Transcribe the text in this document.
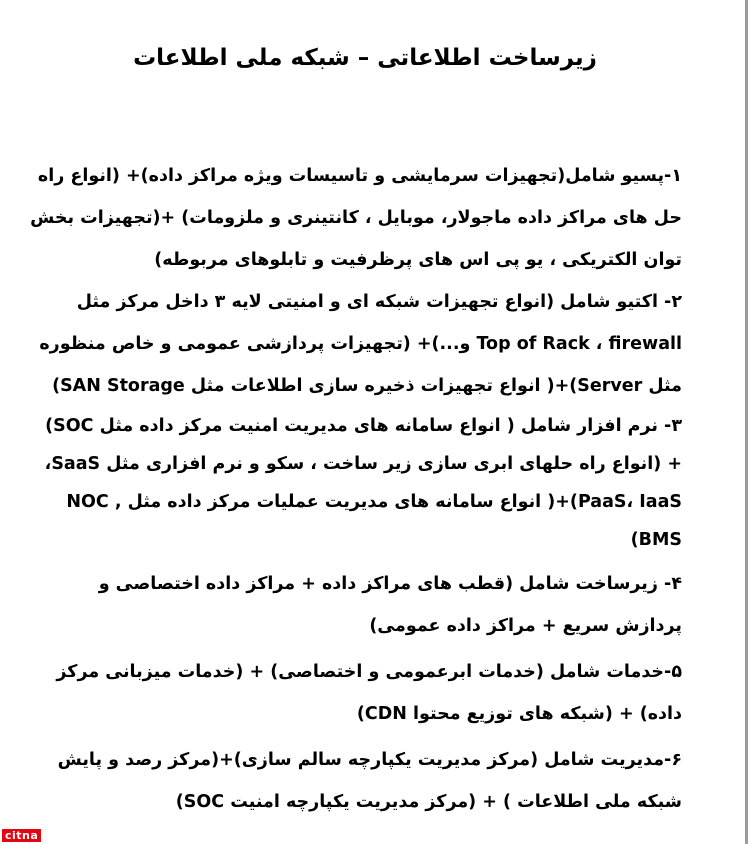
زیرساخت اطلاعاتی – شبکه ملی اطلاعات
۱-پسیو شامل(تجهیزات سرمایشی و تاسیسات ویژه مراکز داده)+ (انواع راه
حل های مراکز داده ماجولار، موبایل ، کانتینری و ملزومات) +(تجهیزات بخش
توان الکتریکی ، یو پی اس های پرظرفیت و تابلوهای مربوطه)
۲- اکتیو شامل (انواع تجهیزات شبکه ای و امنیتی لایه ۳ داخل مرکز مثل
Top of Rack ، firewall و...)+ (تجهیزات پردازشی عمومی و خاص منظوره
مثل Server)+( انواع تجهیزات ذخیره سازی اطلاعات مثل SAN Storage)
۳- نرم افزار شامل ( انواع سامانه های مدیریت امنیت مرکز داده مثل SOC)
+ (انواع راه حلهای ابری سازی زیر ساخت ، سکو و نرم افزاری مثل SaaS،
PaaS، IaaS)+( انواع سامانه های مدیریت عملیات مرکز داده مثل , NOC
BMS)
۴- زیرساخت شامل (قطب های مراکز داده + مراکز داده اختصاصی و
پردازش سریع + مراکز داده عمومی)
۵-خدمات شامل (خدمات ابرعمومی و اختصاصی) + (خدمات میزبانی مرکز
داده) + (شبکه های توزیع محتوا CDN)
۶-مدیریت شامل (مرکز مدیریت یکپارچه سالم سازی)+(مرکز رصد و پایش
شبکه ملی اطلاعات ) + (مرکز مدیریت یکپارچه امنیت SOC)
citna
